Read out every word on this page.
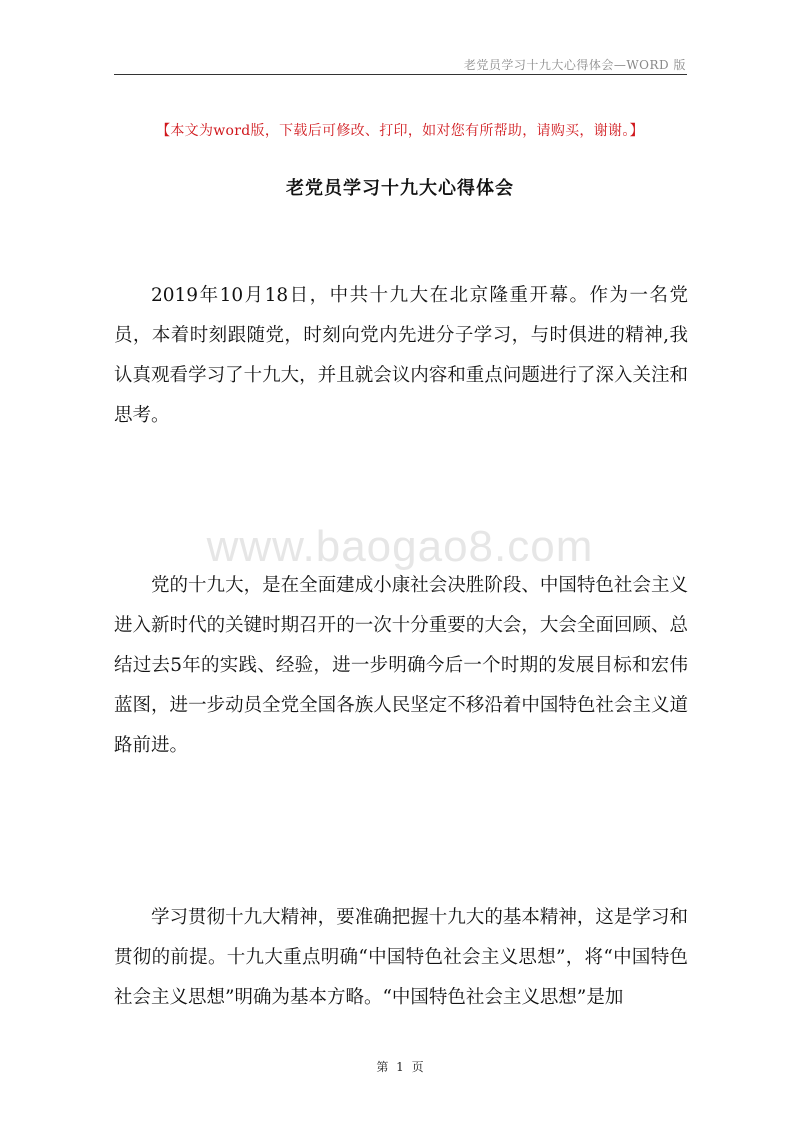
老党员学习十九大心得体会—WORD 版
【本文为word版，下载后可修改、打印，如对您有所帮助，请购买，谢谢。】
老党员学习十九大心得体会

2019年10月18日，中共十九大在北京隆重开幕。作为一名党员，本着时刻跟随党，时刻向党内先进分子学习，与时俱进的精神,我认真观看学习了十九大，并且就会议内容和重点问题进行了深入关注和思考。

www.baogao8.com

党的十九大，是在全面建成小康社会决胜阶段、中国特色社会主义进入新时代的关键时期召开的一次十分重要的大会，大会全面回顾、总结过去5年的实践、经验，进一步明确今后一个时期的发展目标和宏伟蓝图，进一步动员全党全国各族人民坚定不移沿着中国特色社会主义道路前进。

学习贯彻十九大精神，要准确把握十九大的基本精神，这是学习和贯彻的前提。十九大重点明确“中国特色社会主义思想”，将“中国特色社会主义思想”明确为基本方略。“中国特色社会主义思想”是加

第 1 页
